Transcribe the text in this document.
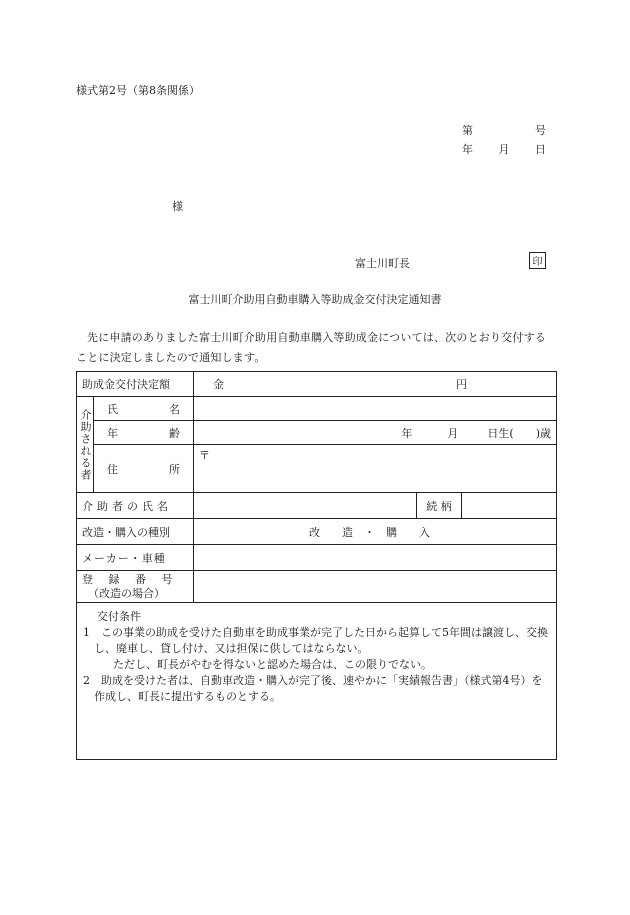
様式第2号（第8条関係）
第	号
年 月 日
様
富士川町長	印
富士川町介助用自動車購入等助成金交付決定通知書
先に申請のありました富士川町介助用自動車購入等助成金については、次のとおり交付することに決定しましたので通知します。
助成金交付決定額		金 円		

介助される者	氏 名			

	年 齢	年 月 日生(　　)歳		

	住 所	〒		
介助者の氏名			続 柄	
改造・購入の種別		改　　造　・　購　　入		
メーカー・車種				

登 録 番 号
（改造の場合）				

交付条件
1　この事業の助成を受けた自動車を助成事業が完了した日から起算して5年間は譲渡し、交換し、廃車し、貸し付け、又は担保に供してはならない。
ただし、町長がやむを得ないと認めた場合は、この限りでない。
2　助成を受けた者は、自動車改造・購入が完了後、速やかに「実績報告書」（様式第4号）を作成し、町長に提出するものとする。				
